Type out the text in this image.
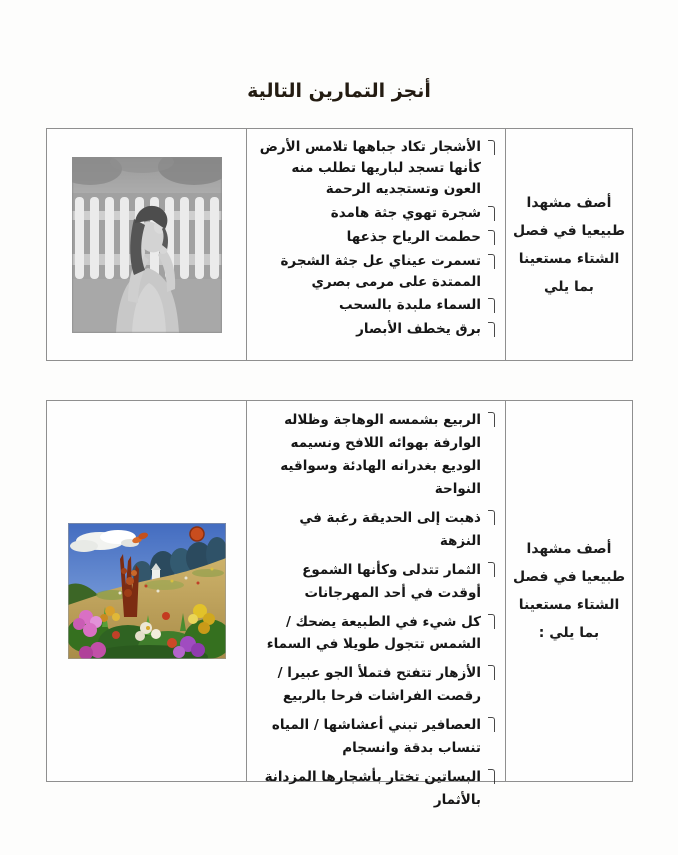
أنجز التمارين التالية
أصف مشهدا طبيعيا في فصل الشتاء مستعينا بما يلي
الأشجار تكاد جباهها تلامس الأرض كأنها تسجد لباريها تطلب منه العون وتستجديه الرحمة
شجرة تهوي جثة هامدة
حطمت الرياح جذعها
تسمرت عيناي عل جثة الشجرة الممتدة على مرمى بصري
السماء ملبدة بالسحب
برق يخطف الأبصار
أصف مشهدا طبيعيا في فصل الشتاء مستعينا بما يلي :
الربيع بشمسه الوهاجة وظلاله الوارفة بهوائه اللافح ونسيمه الوديع بغدرانه الهادئة وسواقيه النواحة
ذهبت إلى الحديقة رغبة في النزهة
الثمار تتدلى وكأنها الشموع أوقدت في أحد المهرجانات
كل شيء في الطبيعة يضحك / الشمس تتجول طويلا في السماء
الأزهار تتفتح فتملأ الجو عبيرا / رقصت الفراشات فرحا بالربيع
العصافير تبني أعشاشها / المياه تنساب بدقة وانسجام
البساتين تختار بأشجارها المزدانة بالأثمار
